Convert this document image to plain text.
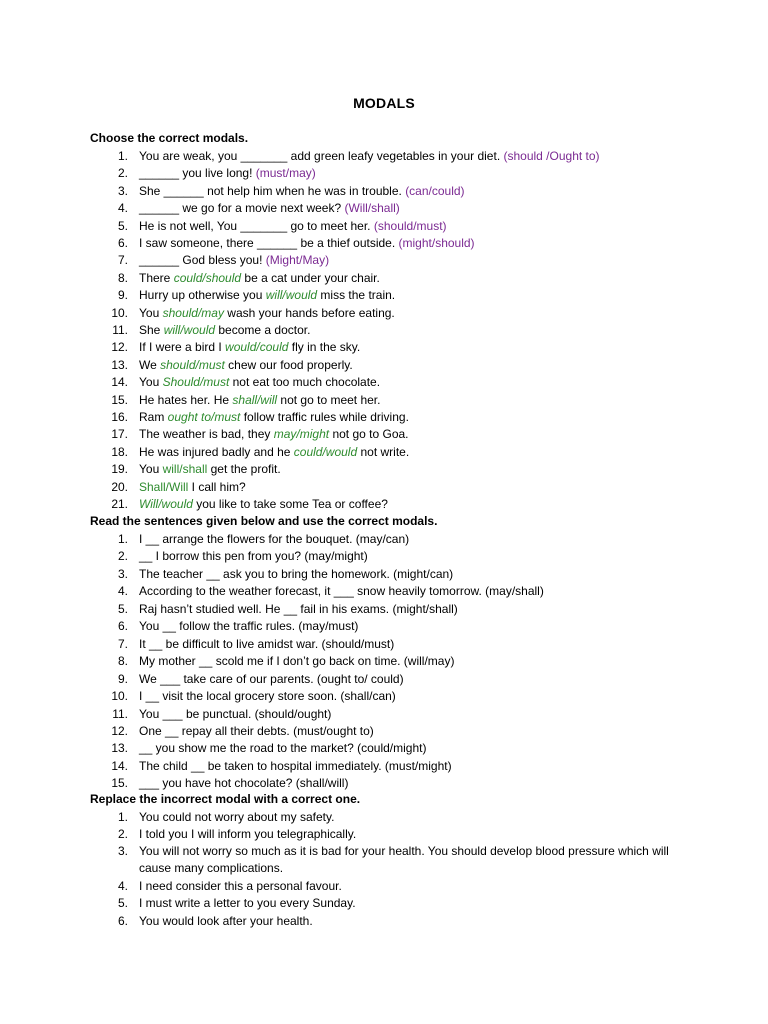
MODALS
Choose the correct modals.
1. You are weak, you _______ add green leafy vegetables in your diet. (should /Ought to)
2. ______ you live long! (must/may)
3. She ______ not help him when he was in trouble. (can/could)
4. ______ we go for a movie next week? (Will/shall)
5. He is not well, You _______ go to meet her. (should/must)
6. I saw someone, there ______ be a thief outside. (might/should)
7. ______ God bless you! (Might/May)
8. There could/should be a cat under your chair.
9. Hurry up otherwise you will/would miss the train.
10. You should/may wash your hands before eating.
11. She will/would become a doctor.
12. If I were a bird I would/could fly in the sky.
13. We should/must chew our food properly.
14. You Should/must not eat too much chocolate.
15. He hates her. He shall/will not go to meet her.
16. Ram ought to/must follow traffic rules while driving.
17. The weather is bad, they may/might not go to Goa.
18. He was injured badly and he could/would not write.
19. You will/shall get the profit.
20. Shall/Will I call him?
21. Will/would you like to take some Tea or coffee?
Read the sentences given below and use the correct modals.
1. I __ arrange the flowers for the bouquet. (may/can)
2. __ I borrow this pen from you? (may/might)
3. The teacher __ ask you to bring the homework. (might/can)
4. According to the weather forecast, it ___ snow heavily tomorrow. (may/shall)
5. Raj hasn’t studied well. He __ fail in his exams. (might/shall)
6. You __ follow the traffic rules. (may/must)
7. It __ be difficult to live amidst war. (should/must)
8. My mother __ scold me if I don’t go back on time. (will/may)
9. We ___ take care of our parents. (ought to/ could)
10. I __ visit the local grocery store soon. (shall/can)
11. You ___ be punctual. (should/ought)
12. One __ repay all their debts. (must/ought to)
13. __ you show me the road to the market? (could/might)
14. The child __ be taken to hospital immediately. (must/might)
15. ___ you have hot chocolate? (shall/will)
Replace the incorrect modal with a correct one.
1. You could not worry about my safety.
2. I told you I will inform you telegraphically.
3. You will not worry so much as it is bad for your health. You should develop blood pressure which will cause many complications.
4. I need consider this a personal favour.
5. I must write a letter to you every Sunday.
6. You would look after your health.
